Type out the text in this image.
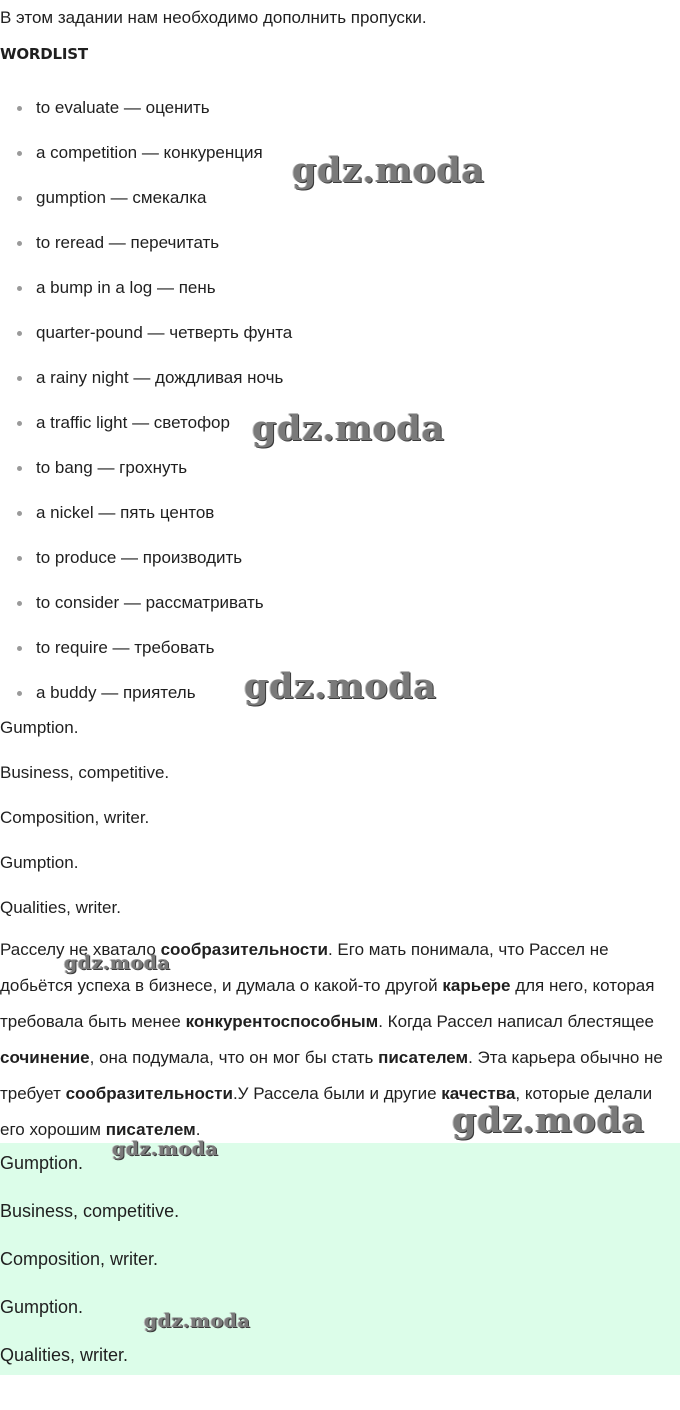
В этом задании нам необходимо дополнить пропуски.

WORDLIST

to evaluate — оценить
a competition — конкуренция
gumption — смекалка
to reread — перечитать
a bump in a log — пень
quarter-pound — четверть фунта
a rainy night — дождливая ночь
a traffic light — светофор
to bang — грохнуть
a nickel — пять центов
to produce — производить
to consider — рассматривать
to require — требовать
a buddy — приятель

Gumption.

Business, competitive.

Composition, writer.

Gumption.

Qualities, writer.

Расселу не хватало сообразительности. Его мать понимала, что Рассел не добьётся успеха в бизнесе, и думала о какой-то другой карьере для него, которая требовала быть менее конкурентоспособным. Когда Рассел написал блестящее сочинение, она подумала, что он мог бы стать писателем. Эта карьера обычно не требует сообразительности.У Рассела были и другие качества, которые делали его хорошим писателем.

Gumption.

Business, competitive.

Composition, writer.

Gumption.

Qualities, writer.

gdz.moda
gdz.moda
gdz.moda
gdz.moda
gdz.moda
gdz.moda
gdz.moda
